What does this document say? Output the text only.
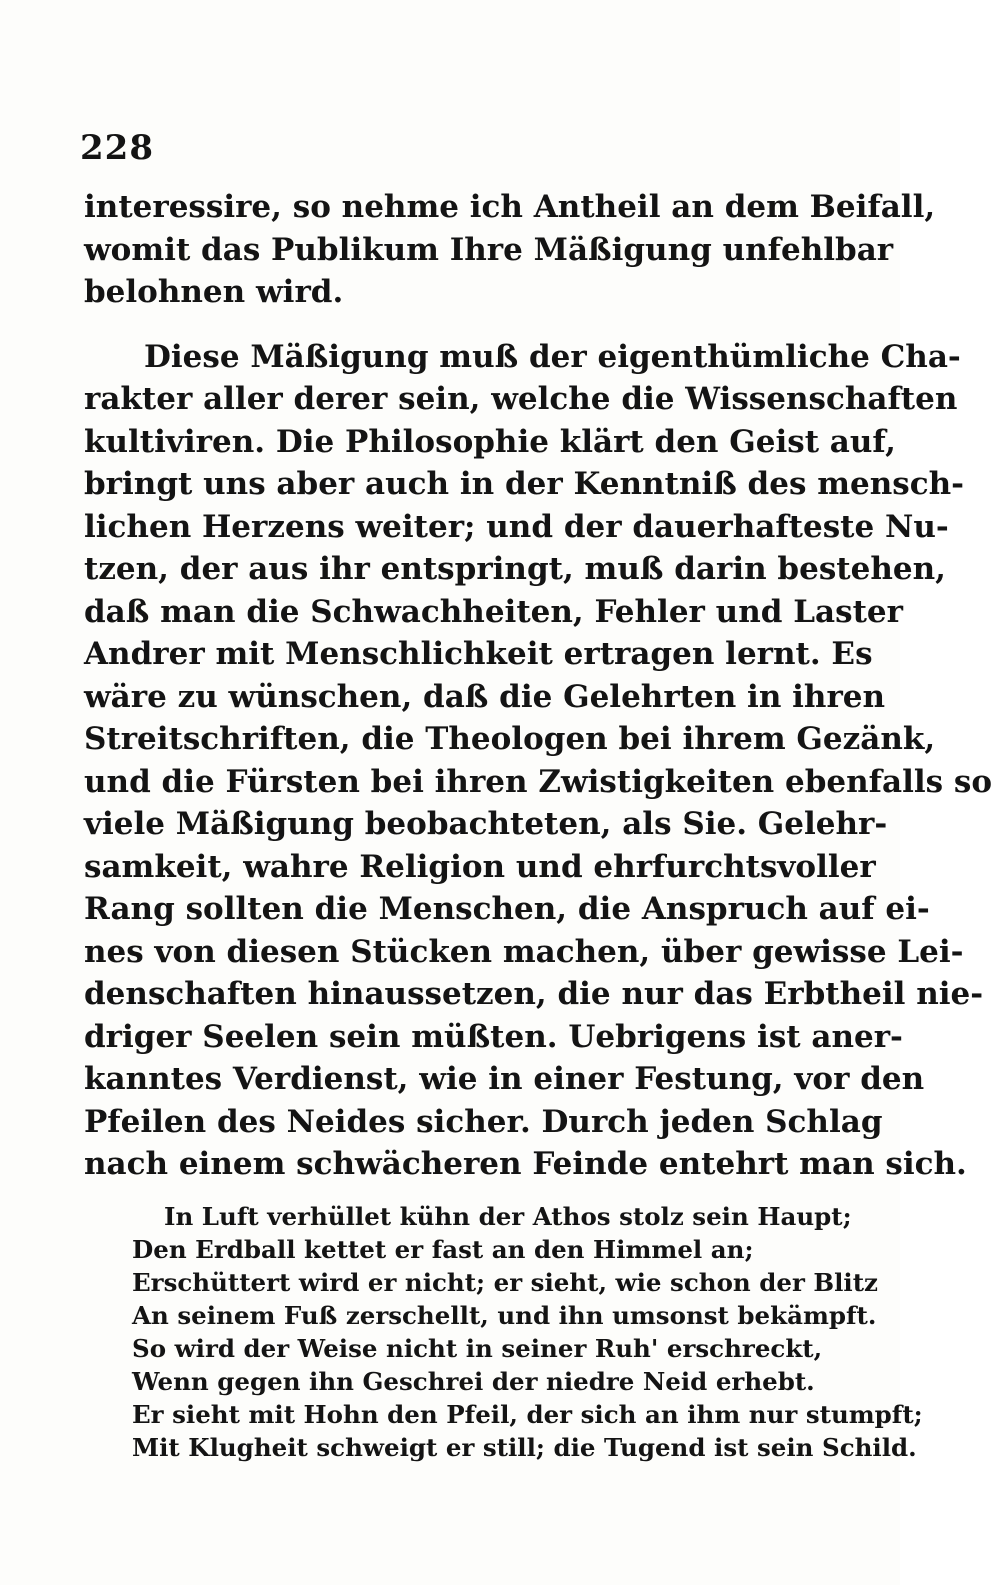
228
interessire, so nehme ich Antheil an dem Beifall,
womit das Publikum Ihre Mäßigung unfehlbar
belohnen wird.
Diese Mäßigung muß der eigenthümliche Cha-
rakter aller derer sein, welche die Wissenschaften
kultiviren. Die Philosophie klärt den Geist auf,
bringt uns aber auch in der Kenntniß des mensch-
lichen Herzens weiter; und der dauerhafteste Nu-
tzen, der aus ihr entspringt, muß darin bestehen,
daß man die Schwachheiten, Fehler und Laster
Andrer mit Menschlichkeit ertragen lernt. Es
wäre zu wünschen, daß die Gelehrten in ihren
Streitschriften, die Theologen bei ihrem Gezänk,
und die Fürsten bei ihren Zwistigkeiten ebenfalls so
viele Mäßigung beobachteten, als Sie. Gelehr-
samkeit, wahre Religion und ehrfurchtsvoller
Rang sollten die Menschen, die Anspruch auf ei-
nes von diesen Stücken machen, über gewisse Lei-
denschaften hinaussetzen, die nur das Erbtheil nie-
driger Seelen sein müßten. Uebrigens ist aner-
kanntes Verdienst, wie in einer Festung, vor den
Pfeilen des Neides sicher. Durch jeden Schlag
nach einem schwächeren Feinde entehrt man sich.
In Luft verhüllet kühn der Athos stolz sein Haupt;
Den Erdball kettet er fast an den Himmel an;
Erschüttert wird er nicht; er sieht, wie schon der Blitz
An seinem Fuß zerschellt, und ihn umsonst bekämpft.
So wird der Weise nicht in seiner Ruh' erschreckt,
Wenn gegen ihn Geschrei der niedre Neid erhebt.
Er sieht mit Hohn den Pfeil, der sich an ihm nur stumpft;
Mit Klugheit schweigt er still; die Tugend ist sein Schild.
